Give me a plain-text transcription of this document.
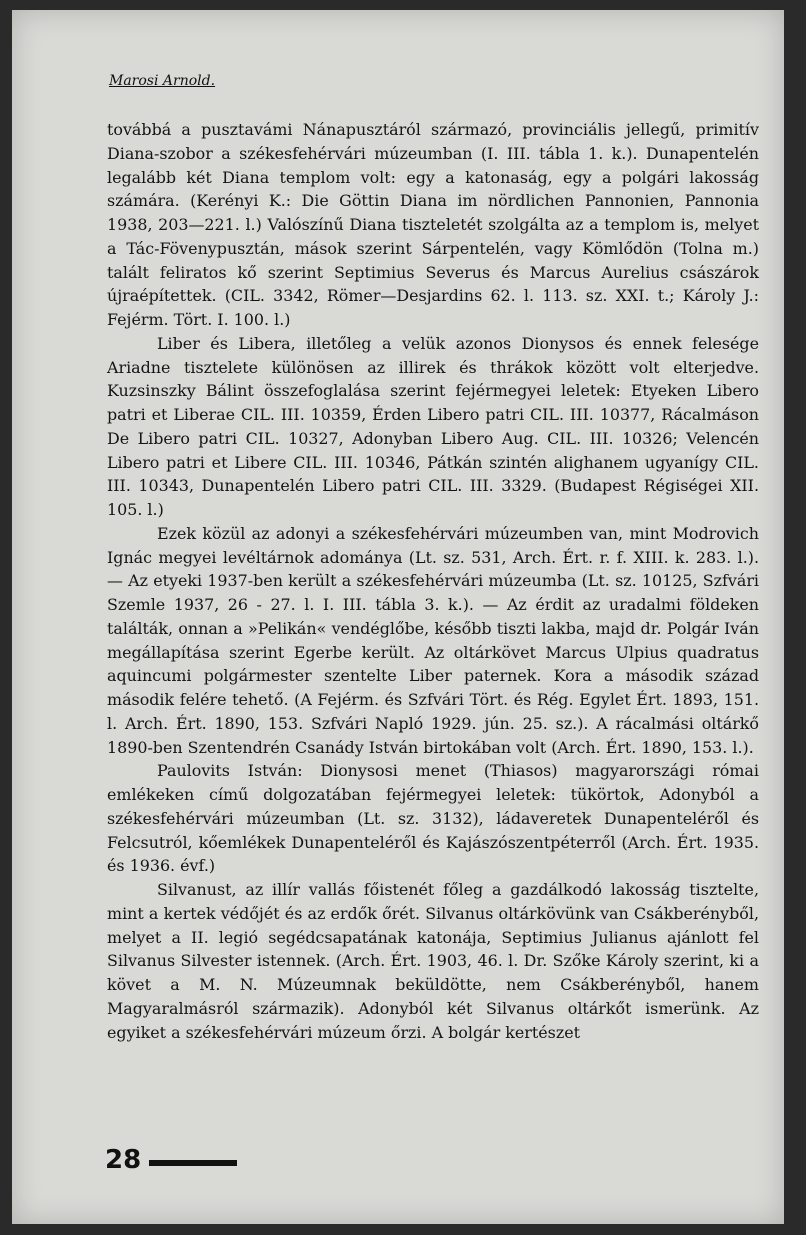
Marosi Arnold.

továbbá a pusztavámi Nánapusztáról származó, provinciális jellegű, primitív Diana-szobor a székesfehérvári múzeumban (I. III. tábla 1. k.). Dunapentelén legalább két Diana templom volt: egy a katonaság, egy a polgári lakosság számára. (Kerényi K.: Die Göttin Diana im nördlichen Pannonien, Pannonia 1938, 203—221. l.) Valószínű Diana tiszteletét szolgálta az a templom is, melyet a Tác-Fövenypusztán, mások szerint Sárpentelén, vagy Kömlődön (Tolna m.) talált feliratos kő szerint Septimius Severus és Marcus Aurelius császárok újraépítettek. (CIL. 3342, Römer—Desjardins 62. l. 113. sz. XXI. t.; Károly J.: Fejérm. Tört. I. 100. l.)

Liber és Libera, illetőleg a velük azonos Dionysos és ennek felesége Ariadne tisztelete különösen az illirek és thrákok között volt elterjedve. Kuzsinszky Bálint összefoglalása szerint fejérmegyei leletek: Etyeken Libero patri et Liberae CIL. III. 10359, Érden Libero patri CIL. III. 10377, Rácalmáson De Libero patri CIL. 10327, Adonyban Libero Aug. CIL. III. 10326; Velencén Libero patri et Libere CIL. III. 10346, Pátkán szintén alighanem ugyanígy CIL. III. 10343, Dunapentelén Libero patri CIL. III. 3329. (Budapest Régiségei XII. 105. l.)

Ezek közül az adonyi a székesfehérvári múzeumben van, mint Modrovich Ignác megyei levéltárnok adománya (Lt. sz. 531, Arch. Ért. r. f. XIII. k. 283. l.). — Az etyeki 1937-ben került a székesfehérvári múzeumba (Lt. sz. 10125, Szfvári Szemle 1937, 26 - 27. l. I. III. tábla 3. k.). — Az érdit az uradalmi földeken találták, onnan a »Pelikán« vendéglőbe, később tiszti lakba, majd dr. Polgár Iván megállapítása szerint Egerbe került. Az oltárkövet Marcus Ulpius quadratus aquincumi polgármester szentelte Liber paternek. Kora a második század második felére tehető. (A Fejérm. és Szfvári Tört. és Rég. Egylet Ért. 1893, 151. l. Arch. Ért. 1890, 153. Szfvári Napló 1929. jún. 25. sz.). A rácalmási oltárkő 1890-ben Szentendrén Csanády István birtokában volt (Arch. Ért. 1890, 153. l.).

Paulovits István: Dionysosi menet (Thiasos) magyarországi római emlékeken című dolgozatában fejérmegyei leletek: tükörtok, Adonyból a székesfehérvári múzeumban (Lt. sz. 3132), ládaveretek Dunapenteléről és Felcsutról, kőemlékek Dunapenteléről és Kajászószentpéterről (Arch. Ért. 1935. és 1936. évf.)

Silvanust, az illír vallás főistenét főleg a gazdálkodó lakosság tisztelte, mint a kertek védőjét és az erdők őrét. Silvanus oltárkövünk van Csákberényből, melyet a II. legió segédcsapatának katonája, Septimius Julianus ajánlott fel Silvanus Silvester istennek. (Arch. Ért. 1903, 46. l. Dr. Szőke Károly szerint, ki a követ a M. N. Múzeumnak beküldötte, nem Csákberényből, hanem Magyaralmásról származik). Adonyból két Silvanus oltárkőt ismerünk. Az egyiket a székesfehérvári múzeum őrzi. A bolgár kertészet

28
